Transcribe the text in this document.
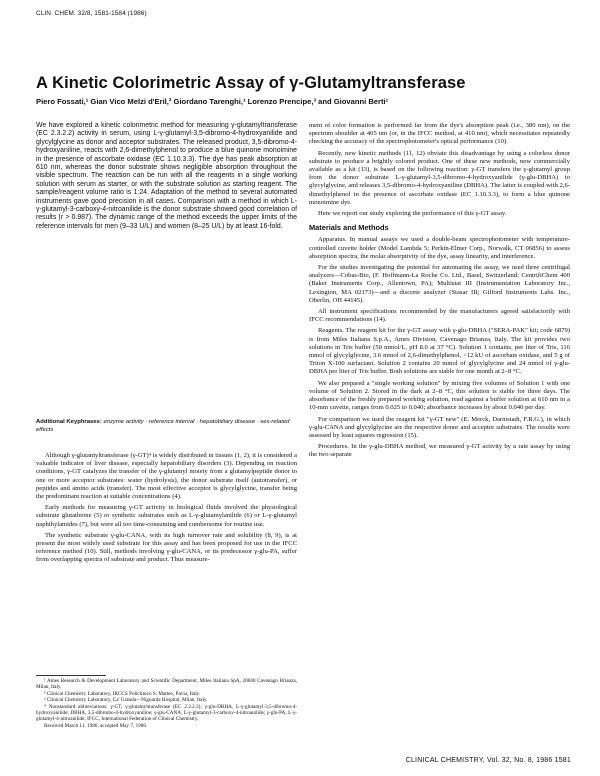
CLIN. CHEM. 32/8, 1581-1584 (1986)
A Kinetic Colorimetric Assay of γ-Glutamyltransferase
Piero Fossati,¹ Gian Vico Melzi d'Eril,² Giordano Tarenghi,¹ Lorenzo Prencipe,³ and Giovanni Berti¹
We have explored a kinetic colorimetric method for measuring γ-glutamyltransferase (EC 2.3.2.2) activity in serum, using L-γ-glutamyl-3,5-dibromo-4-hydroxyanilide and glycylglycine as donor and acceptor substrates. The released product, 3,5-dibromo-4-hydroxyaniline, reacts with 2,6-dimethylphenol to produce a blue quinone monoimine in the presence of ascorbate oxidase (EC 1.10.3.3). The dye has peak absorption at 610 nm, whereas the donor substrate shows negligible absorption throughout the visible spectrum. The reaction can be run with all the reagents in a single working solution with serum as starter, or with the substrate solution as starting reagent. The sample/reagent volume ratio is 1:24. Adaptation of the method to several automated instruments gave good precision in all cases. Comparison with a method in which L-γ-glutamyl-3-carboxy-4-nitroanilide is the donor substrate showed good correlation of results (r > 0.987). The dynamic range of the method exceeds the upper limits of the reference intervals for men (9–33 U/L) and women (8–25 U/L) by at least 16-fold.
Additional Keyphrases: enzyme activity · reference interval · hepatobiliary disease · sex-related effects

Although γ-glutamyltransferase (γ-GT)⁴ is widely distributed in tissues (1, 2), it is considered a valuable indicator of liver disease, especially hepatobiliary disorders (3). Depending on reaction conditions, γ-GT catalyzes the transfer of the γ-glutamyl moiety from a glutamylpeptide donor to one or more acceptor substrates: water (hydrolysis), the donor substrate itself (autotransfer), or peptides and amino acids (transfer). The most effective acceptor is glycylglycine, transfer being the predominant reaction at suitable concentrations (4).

Early methods for measuring γ-GT activity in biological fluids involved the physiological substrate glutathione (5) or synthetic substrates such as L-γ-glutamylanilide (6) or L-γ-glutamyl naphthylamides (7), but were all too time-consuming and cumbersome for routine use.

The synthetic substrate γ-glu-CANA, with its high turnover rate and solubility (8, 9), is at present the most widely used substrate for this assay and has been proposed for use in the IFCC reference method (10). Still, methods involving γ-glu-CANA, or its predecessor γ-glu-PA, suffer from overlapping spectra of substrate and product. Thus measure-

¹ Ames Research & Development Laboratory and Scientific Department, Miles Italiana SpA, 20040 Cavenago Brianza, Milan, Italy.

² Clinical Chemistry Laboratory, IRCCS Policlinico S. Matteo, Pavia, Italy.

³ Clinical Chemistry Laboratory, Ca' Granda—Niguarda Hospital, Milan, Italy.

⁴ Nonstandard abbreviations: γ-GT, γ-glutamyltransferase (EC 2.3.2.2); γ-glu-DBHA, L-γ-glutamyl-3,5-dibromo-4-hydroxyanilide; DBHA, 3,5-dibromo-4-hydroxyaniline; γ-glu-CANA, L-γ-glutamyl-3-carboxy-4-nitroanilide; γ-glu-PA, L-γ-glutamyl-4-nitroanilide; IFCC, International Federation of Clinical Chemistry.

Received March 11, 1986; accepted May 7, 1986.

ment of color formation is performed far from the dye's absorption peak (i.e., 380 nm), on the spectrum shoulder at 405 nm (or, in the IFCC method, at 410 nm), which necessitates repeatedly checking the accuracy of the spectrophotometer's optical performance (10).

Recently, new kinetic methods (11, 12) obviate this disadvantage by using a colorless donor substrate to produce a brightly colored product. One of these new methods, now commercially available as a kit (13), is based on the following reaction: γ-GT transfers the γ-glutamyl group from the donor substrate L-γ-glutamyl-3,5-dibromo-4-hydroxyanilide (γ-glu-DBHA) to glycylglycine, and releases 3,5-dibromo-4-hydroxyaniline (DBHA). The latter is coupled with 2,6-dimethylphenol in the presence of ascorbate oxidase (EC 1.10.3.3), to form a blue quinone monoimine dye.

Here we report our study exploring the performance of this γ-GT assay.

Materials and Methods

Apparatus. In manual assays we used a double-beam spectrophotometer with temperature-controlled cuvette holder (Model Lambda 5; Perkin-Elmer Corp., Norwalk, CT 06856) to assess absorption spectra, the molar absorptivity of the dye, assay linearity, and interference.

For the studies investigating the potential for automating the assay, we used three centrifugal analyzers—Cobas-Bio, (F. Hoffmann-La Roche Co. Ltd., Basel, Switzerland; CentrifiChem 400 (Baker Instruments Corp., Allentown, PA); Multistat III (Instrumentation Laboratory Inc., Lexington, MA 02173)—and a discrete analyzer (Stasar III; Gilford Instruments Labs. Inc., Oberlin, OH 44145).

All instrument specifications recommended by the manufacturers agreed satisfactorily with IFCC recommendations (14).

Reagents. The reagent kit for the γ-GT assay with γ-glu-DBHA ("SERA-PAK" kit; code 6879) is from Miles Italiana S.p.A., Ames Division, Cavenago Brianza, Italy. The kit provides two solutions in Tris buffer (50 mmol/L, pH 8.0 at 37 °C). Solution 1 contains, per liter of Tris, 116 mmol of glycylglycine, 3.6 mmol of 2,6-dimethylphenol, >12 kU of ascorbate oxidase, and 5 g of Triton X-100 surfactant. Solution 2 contains 20 mmol of glycylglycine and 24 mmol of γ-glu-DBHA per liter of Tris buffer. Both solutions are stable for one month at 2–8 °C.

We also prepared a "single working solution" by mixing five volumes of Solution 1 with one volume of Solution 2. Stored in the dark at 2–8 °C, this solution is stable for three days. The absorbance of the freshly prepared working solution, read against a buffer solution at 610 nm in a 10-mm cuvette, ranges from 0.025 to 0.040; absorbance increases by about 0.040 per day.

For comparison we used the reagent kit "γ-GT new" (E. Merck, Darmstadt, F.R.G.), in which γ-glu-CANA and glycylglycine are the respective donor and acceptor substrates. The results were assessed by least squares regression (15).

Procedures. In the γ-glu-DBHA method, we measured γ-GT activity by a rate assay by using the two separate

CLINICAL CHEMISTRY, Vol. 32, No. 8, 1986 1581
